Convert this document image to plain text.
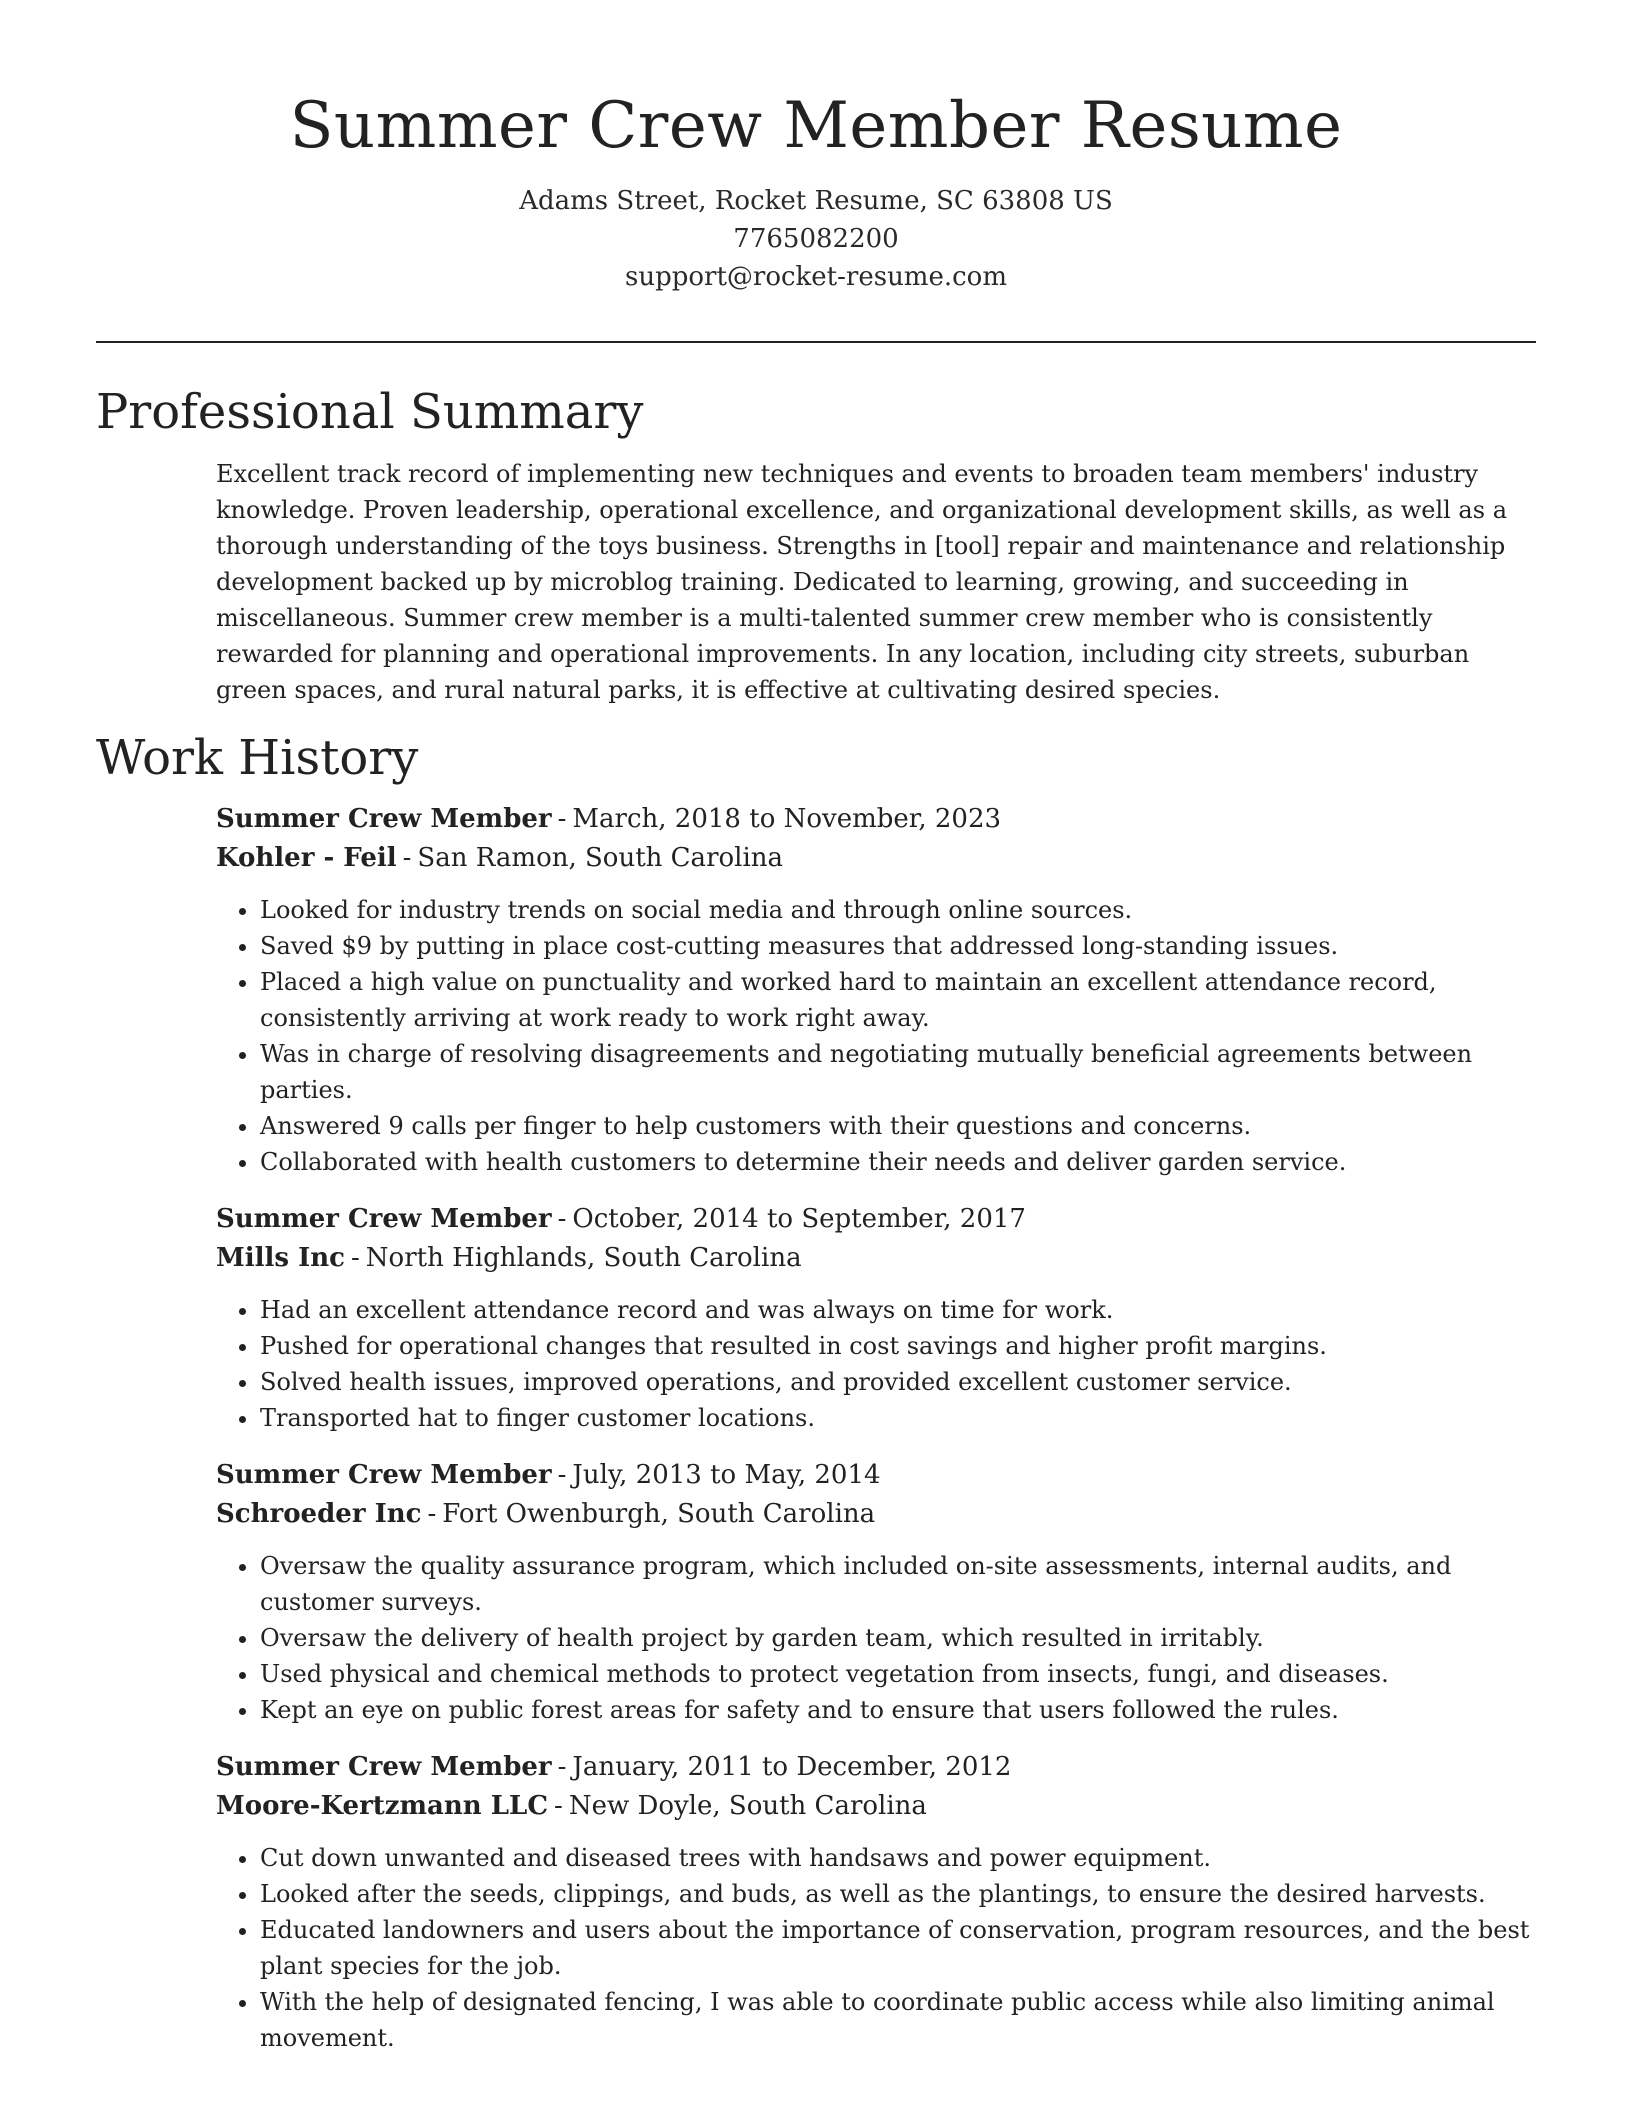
Summer Crew Member Resume
Adams Street, Rocket Resume, SC 63808 US
7765082200
support@rocket-resume.com
Professional Summary

Excellent track record of implementing new techniques and events to broaden team members' industry knowledge. Proven leadership, operational excellence, and organizational development skills, as well as a thorough understanding of the toys business. Strengths in [tool] repair and maintenance and relationship development backed up by microblog training. Dedicated to learning, growing, and succeeding in miscellaneous. Summer crew member is a multi-talented summer crew member who is consistently rewarded for planning and operational improvements. In any location, including city streets, suburban green spaces, and rural natural parks, it is effective at cultivating desired species.

Work History
Summer Crew Member - March, 2018 to November, 2023
Kohler - Feil - San Ramon, South Carolina
• Looked for industry trends on social media and through online sources.
• Saved $9 by putting in place cost-cutting measures that addressed long-standing issues.
• Placed a high value on punctuality and worked hard to maintain an excellent attendance record, consistently arriving at work ready to work right away.
• Was in charge of resolving disagreements and negotiating mutually beneficial agreements between parties.
• Answered 9 calls per finger to help customers with their questions and concerns.
• Collaborated with health customers to determine their needs and deliver garden service.
Summer Crew Member - October, 2014 to September, 2017
Mills Inc - North Highlands, South Carolina
• Had an excellent attendance record and was always on time for work.
• Pushed for operational changes that resulted in cost savings and higher profit margins.
• Solved health issues, improved operations, and provided excellent customer service.
• Transported hat to finger customer locations.
Summer Crew Member - July, 2013 to May, 2014
Schroeder Inc - Fort Owenburgh, South Carolina
• Oversaw the quality assurance program, which included on-site assessments, internal audits, and customer surveys.
• Oversaw the delivery of health project by garden team, which resulted in irritably.
• Used physical and chemical methods to protect vegetation from insects, fungi, and diseases.
• Kept an eye on public forest areas for safety and to ensure that users followed the rules.
Summer Crew Member - January, 2011 to December, 2012
Moore-Kertzmann LLC - New Doyle, South Carolina
• Cut down unwanted and diseased trees with handsaws and power equipment.
• Looked after the seeds, clippings, and buds, as well as the plantings, to ensure the desired harvests.
• Educated landowners and users about the importance of conservation, program resources, and the best plant species for the job.
• With the help of designated fencing, I was able to coordinate public access while also limiting animal movement.
